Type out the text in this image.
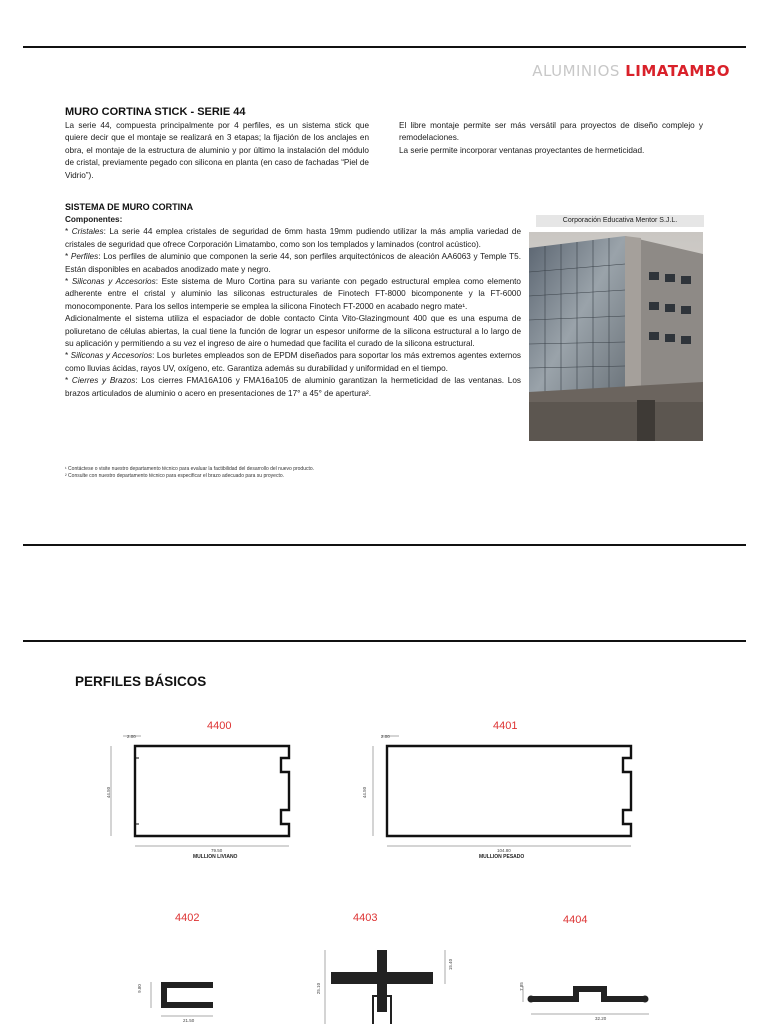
ALUMINIOS LIMATAMBO
MURO CORTINA STICK - SERIE 44
La serie 44, compuesta principalmente por 4 perfiles, es un sistema stick que quiere decir que el montaje se realizará en 3 etapas; la fijación de los anclajes en obra, el montaje de la estructura de aluminio y por último la instalación del módulo de cristal, previamente pegado con silicona en planta (en caso de fachadas “Piel de Vidrio”).

El libre montaje permite ser más versátil para proyectos de diseño complejo y remodelaciones.

La serie permite incorporar ventanas proyectantes de hermeticidad.

SISTEMA DE MURO CORTINA

Componentes:

* Cristales: La serie 44 emplea cristales de seguridad de 6mm hasta 19mm pudiendo utilizar la más amplia variedad de cristales de seguridad que ofrece Corporación Limatambo, como son los templados y laminados (control acústico).

* Perfiles: Los perfiles de aluminio que componen la serie 44, son perfiles arquitectónicos de aleación AA6063 y Temple T5. Están disponibles en acabados anodizado mate y negro.

* Siliconas y Accesorios: Este sistema de Muro Cortina para su variante con pegado estructural emplea como elemento adherente entre el cristal y aluminio las siliconas estructurales de Finotech FT-8000 bicomponente y la FT-6000 monocomponente. Para los sellos intemperie se emplea la silicona Finotech FT-2000 en acabado negro mate¹.

Adicionalmente el sistema utiliza el espaciador de doble contacto Cinta Vito-Glazingmount 400 que es una espuma de poliuretano de células abiertas, la cual tiene la función de lograr un espesor uniforme de la silicona estructural a lo largo de su aplicación y permitiendo a su vez el ingreso de aire o humedad que facilita el curado de la silicona estructural.

* Siliconas y Accesorios: Los burletes empleados son de EPDM diseñados para soportar los más extremos agentes externos como lluvias ácidas, rayos UV, oxígeno, etc. Garantiza además su durabilidad y uniformidad en el tiempo.

* Cierres y Brazos: Los cierres FMA16A106 y FMA16a105 de aluminio garantizan la hermeticidad de las ventanas. Los brazos articulados de aluminio o acero en presentaciones de 17° a 45° de apertura².

¹ Contáctese o visite nuestro departamento técnico para evaluar la factibilidad del desarrollo del nuevo producto.
² Consulte con nuestro departamento técnico para especificar el brazo adecuado para su proyecto.
Corporación Educativa Mentor S.J.L.
PERFILES BÁSICOS
4400
2.00
44.50
79.50
MULLION LIVIANO
4401
2.00
44.50
104.80
MULLION PESADO
4402
9.80
21.50
4403
25.10
15.40
4404
7.85
32.20
